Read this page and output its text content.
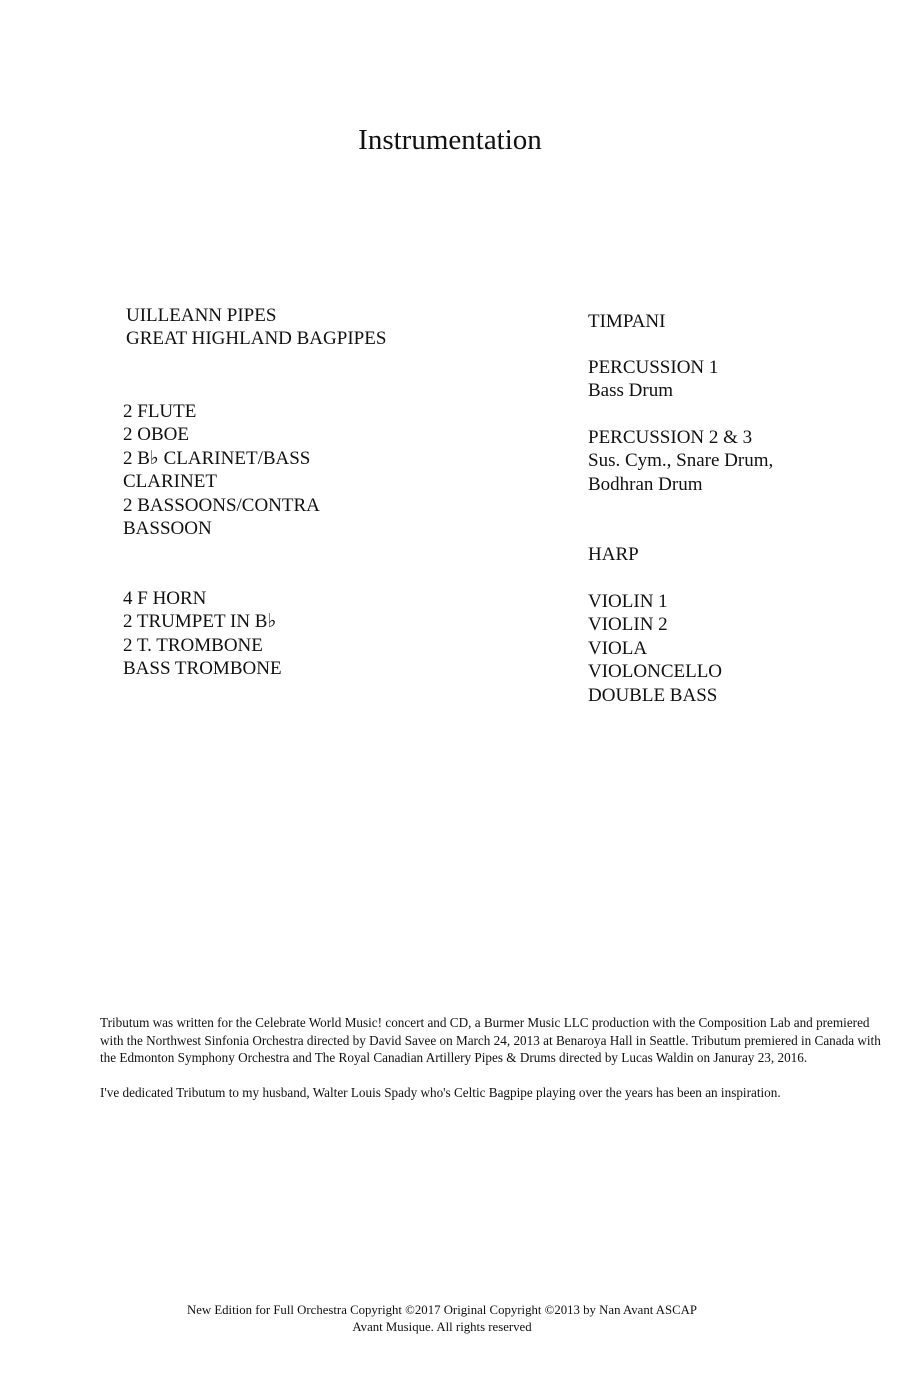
Instrumentation
UILLEANN PIPES
GREAT HIGHLAND BAGPIPES
2 FLUTE
2 OBOE
2 B♭ CLARINET/BASS
CLARINET
2 BASSOONS/CONTRA
BASSOON
4 F HORN
2 TRUMPET IN B♭
2 T. TROMBONE
BASS TROMBONE
TIMPANI
PERCUSSION 1
Bass Drum
PERCUSSION 2 & 3
Sus. Cym., Snare Drum,
Bodhran Drum
HARP
VIOLIN 1
VIOLIN 2
VIOLA
VIOLONCELLO
DOUBLE BASS

Tributum was written for the Celebrate World Music! concert and CD, a Burmer Music LLC production with the Composition Lab and premiered with the Northwest Sinfonia Orchestra directed by David Savee on March 24, 2013 at Benaroya Hall in Seattle. Tributum premiered in Canada with the Edmonton Symphony Orchestra and The Royal Canadian Artillery Pipes & Drums directed by Lucas Waldin on Januray 23, 2016.

I've dedicated Tributum to my husband, Walter Louis Spady who's Celtic Bagpipe playing over the years has been an inspiration.

New Edition for Full Orchestra Copyright ©2017 Original Copyright ©2013 by Nan Avant ASCAP
Avant Musique. All rights reserved
